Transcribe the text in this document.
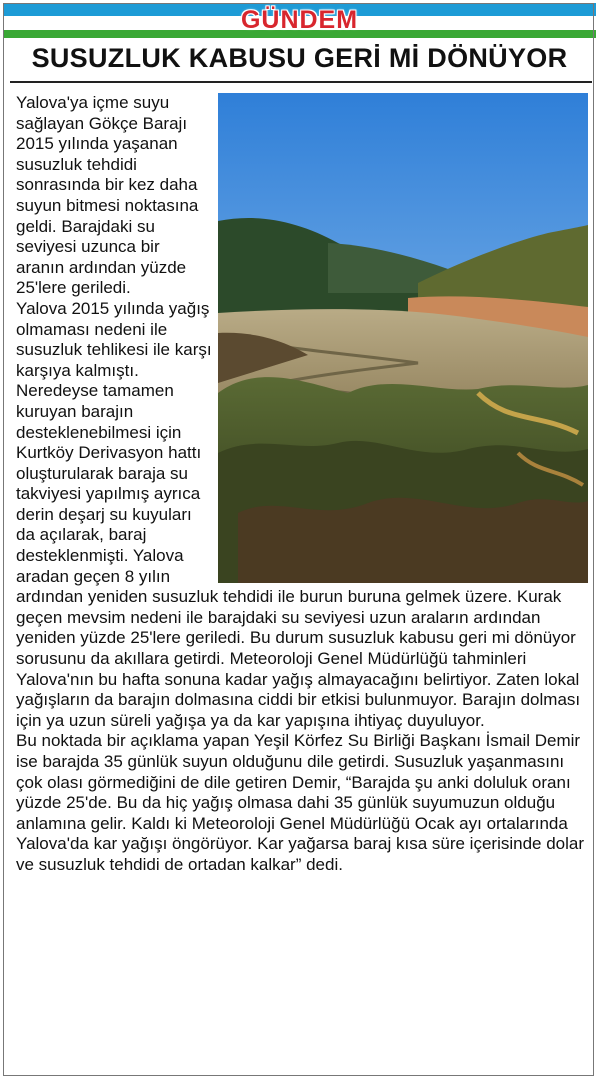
GÜNDEM
SUSUZLUK KABUSU GERİ Mİ DÖNÜYOR

Yalova'ya içme suyu sağlayan Gökçe Barajı 2015 yılında yaşanan susuzluk tehdidi sonrasında bir kez daha suyun bitmesi noktasına geldi. Barajdaki su seviyesi uzunca bir aranın ardından yüzde 25'lere geriledi.

Yalova 2015 yılında yağış olmaması nedeni ile susuzluk tehlikesi ile karşı karşıya kalmıştı. Neredeyse tamamen kuruyan barajın desteklenebilmesi için Kurtköy Derivasyon hattı oluşturularak baraja su takviyesi yapılmış ayrıca derin deşarj su kuyuları da açılarak, baraj desteklenmişti. Yalova aradan geçen 8 yılın ardından yeniden susuzluk tehdidi ile burun buruna gelmek üzere. Kurak geçen mevsim nedeni ile barajdaki su seviyesi uzun araların ardından yeniden yüzde 25'lere geriledi. Bu durum susuzluk kabusu geri mi dönüyor sorusunu da akıllara getirdi. Meteoroloji Genel Müdürlüğü tahminleri Yalova'nın bu hafta sonuna kadar yağış almayacağını belirtiyor. Zaten lokal yağışların da barajın dolmasına ciddi bir etkisi bulunmuyor. Barajın dolması için ya uzun süreli yağışa ya da kar yapışına ihtiyaç duyuluyor.

Bu noktada bir açıklama yapan Yeşil Körfez Su Birliği Başkanı İsmail Demir ise barajda 35 günlük suyun olduğunu dile getirdi. Susuzluk yaşanmasını çok olası görmediğini de dile getiren Demir, “Barajda şu anki doluluk oranı yüzde 25'de. Bu da hiç yağış olmasa dahi 35 günlük suyumuzun olduğu anlamına gelir. Kaldı ki Meteoroloji Genel Müdürlüğü Ocak ayı ortalarında Yalova'da kar yağışı öngörüyor. Kar yağarsa baraj kısa süre içerisinde dolar ve susuzluk tehdidi de ortadan kalkar” dedi.
